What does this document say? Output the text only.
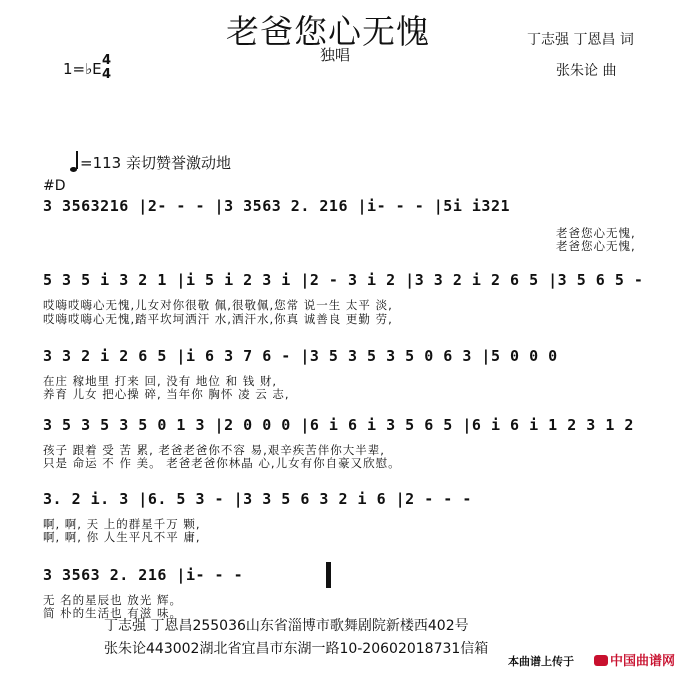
老爸您心无愧
独唱
丁志强 丁恩昌 词
张朱论 曲
1=♭E 4
4
=113 亲切赞誉激动地
#D
3 3563216 |2- - - |3 3563 2. 216 |i- - - |5i i321
老爸您心无愧,
老爸您心无愧,
5 3 5 i 3 2 1 |i 5 i 2 3 i |2 - 3 i 2 |3 3 2 i 2 6 5 |3 5 6 5 -
哎嗨哎嗨心无愧,儿女对你很敬 佩,很敬佩,您常 说一生 太平 淡,
哎嗨哎嗨心无愧,踏平坎坷洒汗 水,洒汗水,你真 诚善良 更勤 劳,
3 3 2 i 2 6 5 |i 6 3 7 6 - |3 5 3 5 3 5 0 6 3 |5 0 0 0
在庄 稼地里 打来 回, 没有 地位 和 钱 财,
养育 儿女 把心操 碎, 当年你 胸怀 凌 云 志,
3 5 3 5 3 5 0 1 3 |2 0 0 0 |6 i 6 i 3 5 6 5 |6 i 6 i 1 2 3 1 2
孩子 跟着 受 苦 累, 老爸老爸你不容 易,艰辛疾苦伴你大半辈,
只是 命运 不 作 美。 老爸老爸你林晶 心,儿女有你自豪又欣慰。
3. 2 i. 3 |6. 5 3 - |3 3 5 6 3 2 i 6 |2 - - -
啊, 啊, 天 上的群星千万 颗,
啊, 啊, 你 人生平凡不平 庸,
3 3563 2. 216 |i- - -
无 名的星辰也 放光 辉。
简 朴的生活也 有滋 味。
丁志强 丁恩昌255036山东省淄博市歌舞剧院新楼西402号
张朱论443002湖北省宜昌市东湖一路10-20602018731信箱
本曲谱上传于	中国曲谱网
